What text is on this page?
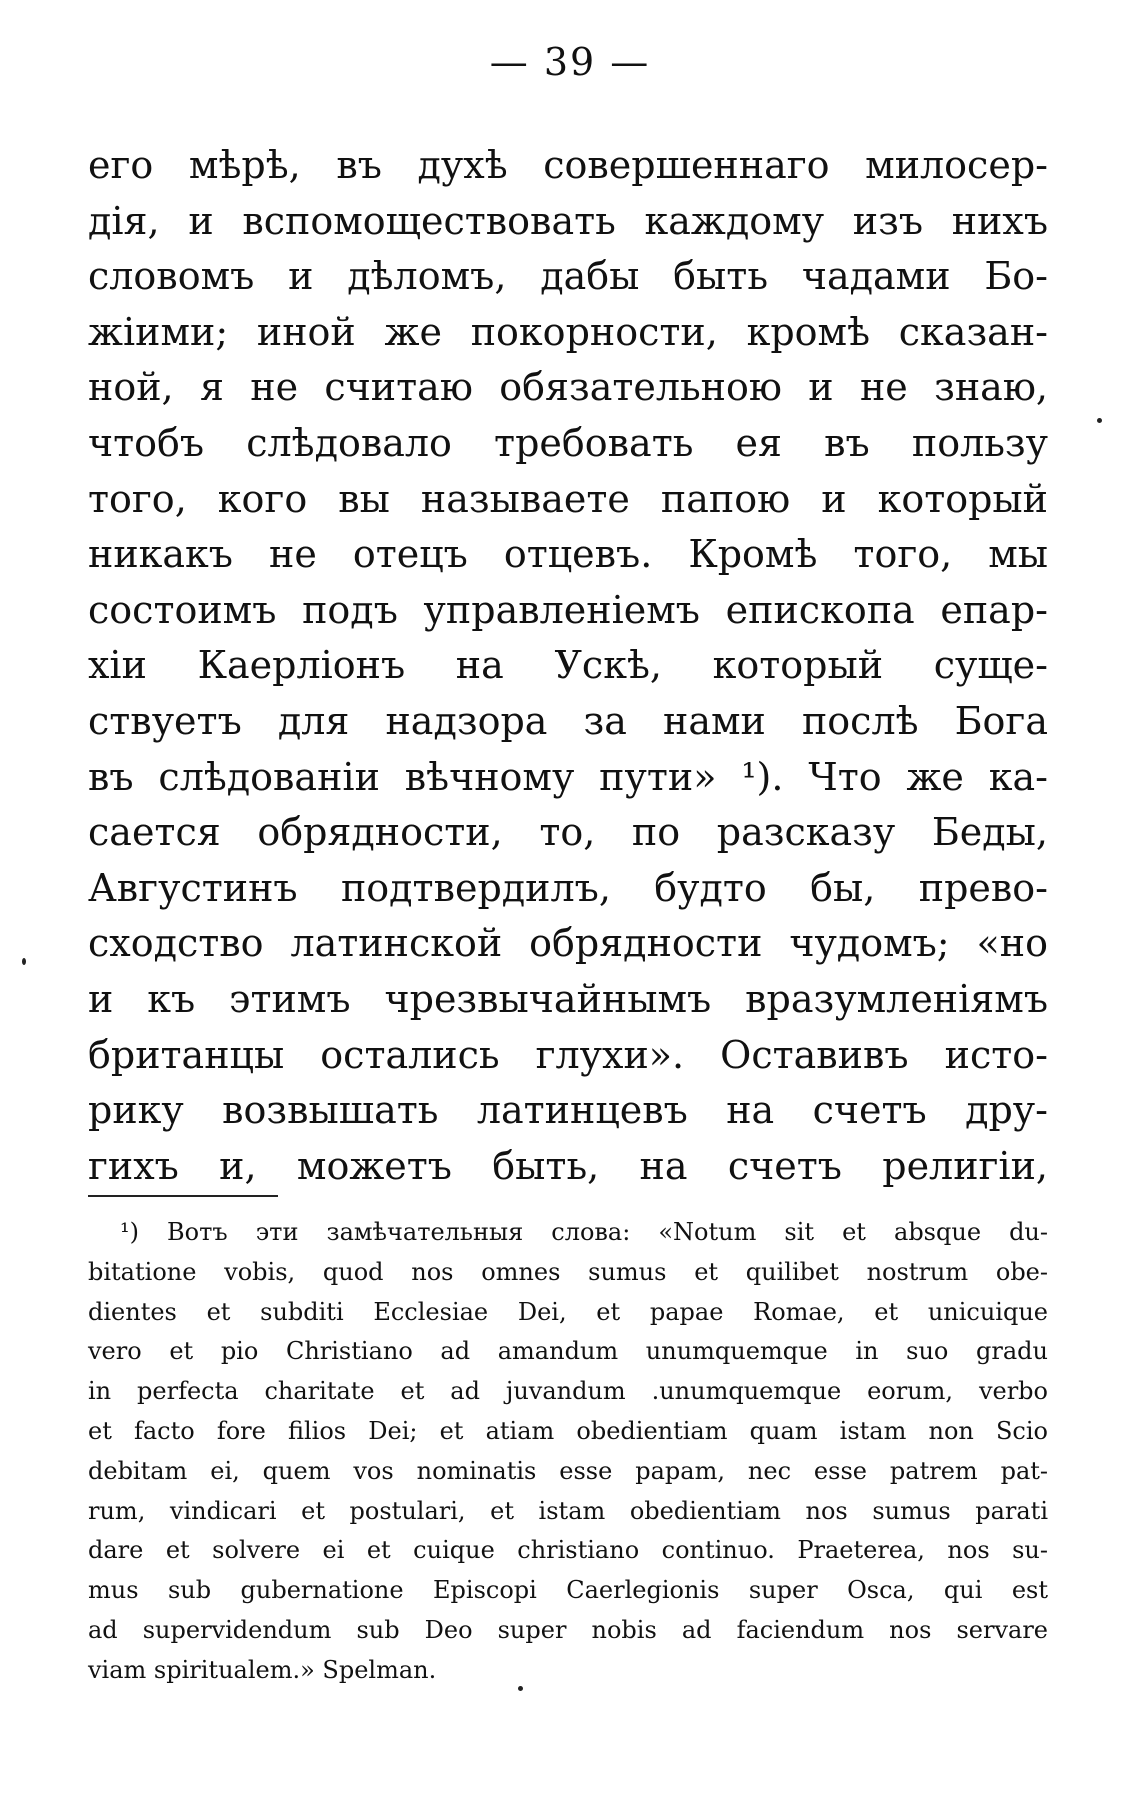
— 39 —
его мѣрѣ, въ духѣ совершеннаго милосер-
дія, и вспомоществовать каждому изъ нихъ
словомъ и дѣломъ, дабы быть чадами Бо-
жіими; иной же покорности, кромѣ сказан-
ной, я не считаю обязательною и не знаю,
чтобъ слѣдовало требовать ея въ пользу
того, кого вы называете папою и который
никакъ не отецъ отцевъ. Кромѣ того, мы
состоимъ подъ управленіемъ епископа епар-
хіи Каерліонъ на Ускѣ, который суще-
ствуетъ для надзора за нами послѣ Бога
въ слѣдованіи вѣчному пути» ¹). Что же ка-
сается обрядности, то, по разсказу Беды,
Августинъ подтвердилъ, будто бы, прево-
сходство латинской обрядности чудомъ; «но
и къ этимъ чрезвычайнымъ вразумленіямъ
британцы остались глухи». Оставивъ исто-
рику возвышать латинцевъ на счетъ дру-
гихъ и, можетъ быть, на счетъ религіи,
¹) Вотъ эти замѣчательныя слова: «Notum sit et absque du-
bitatione vobis, quod nos omnes sumus et quilibet nostrum obe-
dientes et subditi Ecclesiae Dei, et papae Romae, et unicuique
vero et pio Christiano ad amandum unumquemque in suo gradu
in perfecta charitate et ad juvandum .unumquemque eorum, verbo
et facto fore filios Dei; et atiam obedientiam quam istam non Scio
debitam ei, quem vos nominatis esse papam, nec esse patrem pat-
rum, vindicari et postulari, et istam obedientiam nos sumus parati
dare et solvere ei et cuique christiano continuo. Praeterea, nos su-
mus sub gubernatione Episcopi Caerlegionis super Osca, qui est
ad supervidendum sub Deo super nobis ad faciendum nos servare
viam spiritualem.» Spelman.
